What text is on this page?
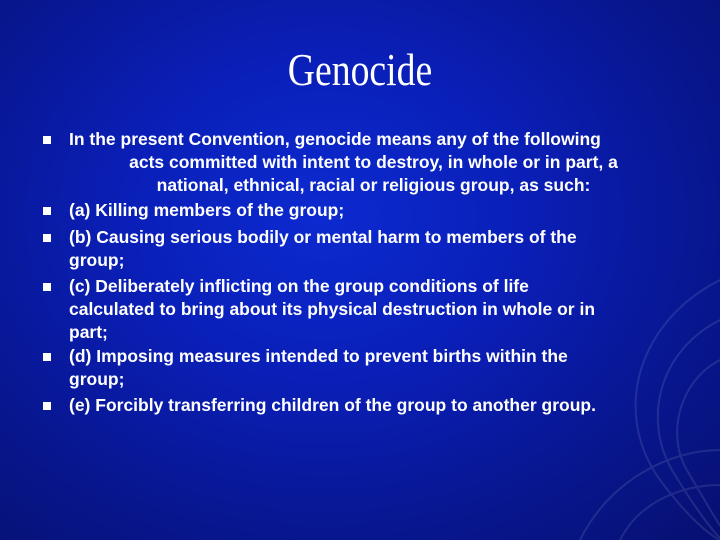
Genocide
In the present Convention, genocide means any of the following
acts committed with intent to destroy, in whole or in part, a
national, ethnical, racial or religious group, as such:
(a) Killing members of the group;
(b) Causing serious bodily or mental harm to members of the
group;
(c) Deliberately inflicting on the group conditions of life
calculated to bring about its physical destruction in whole or in
part;
(d) Imposing measures intended to prevent births within the
group;
(e) Forcibly transferring children of the group to another group.
